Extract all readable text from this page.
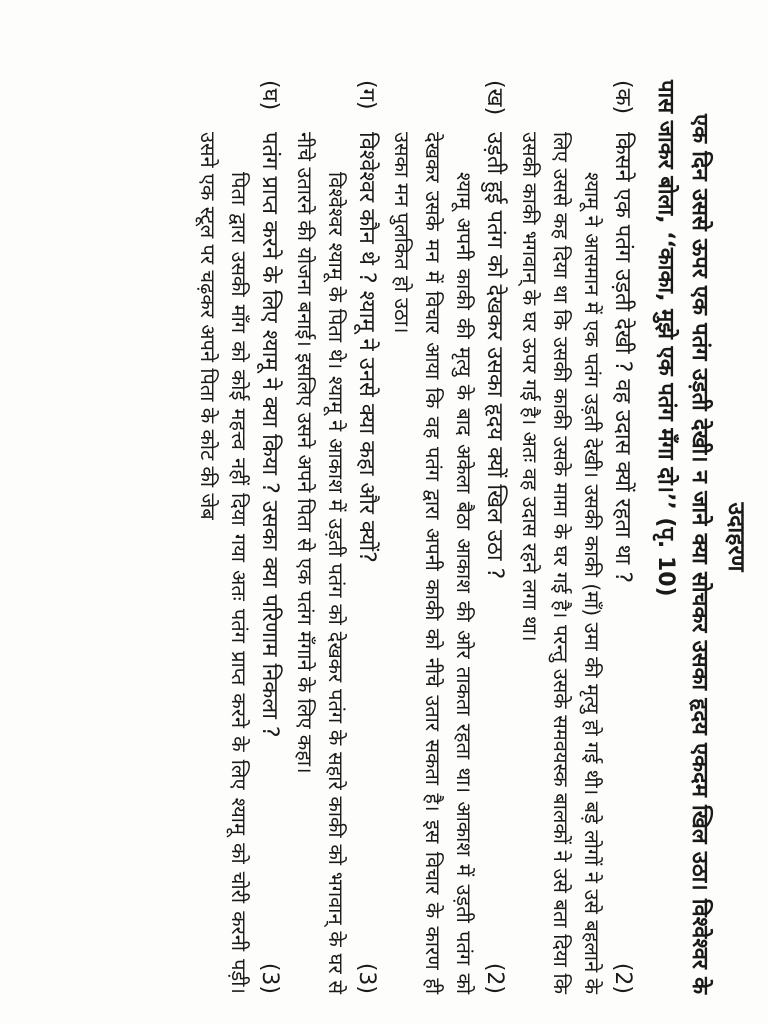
उदाहरण

एक दिन उससे ऊपर एक पतंग उड़ती देखी। न जाने क्या सोचकर उसका हृदय एकदम खिल उठा। विश्वेश्वर के पास जाकर बोला, ‘‘काका, मुझे एक पतंग मँगा दो।’’ (पृ. 10)

(क)
किसने एक पतंग उड़ती देखी ? वह उदास क्यों रहता था ?
(2)
श्यामू ने आसमान में एक पतंग उड़ती देखी। उसकी काकी (माँ) उमा की मृत्यु हो गई थी। बड़े लोगों ने उसे बहलाने के लिए उससे कह दिया था कि उसकी काकी उसके मामा के घर गई है। परन्तु उसके समवयस्क बालकों ने उसे बता दिया कि उसकी काकी भगवान् के घर ऊपर गई है। अतः वह उदास रहने लगा था।
(ख)
उड़ती हुई पतंग को देखकर उसका हृदय क्यों खिल उठा ?
(2)
श्यामू अपनी काकी की मृत्यु के बाद अकेला बैठा आकाश की ओर ताकता रहता था। आकाश में उड़ती पतंग को देखकर उसके मन में विचार आया कि वह पतंग द्वारा अपनी काकी को नीचे उतार सकता है। इस विचार के कारण ही उसका मन पुलकित हो उठा।
(ग)
विश्वेश्वर कौन थे ? श्यामू ने उनसे क्या कहा और क्यों?
(3)
विश्वेश्वर श्यामू के पिता थे। श्यामू ने आकाश में उड़ती पतंग को देखकर पतंग के सहारे काकी को भगवान् के घर से नीचे उतारने की योजना बनाई। इसलिए उसने अपने पिता से एक पतंग मँगाने के लिए कहा।
(घ)
पतंग प्राप्त करने के लिए श्यामू ने क्या किया ? उसका क्या परिणाम निकला ?
(3)
पिता द्वारा उसकी माँग को कोई महत्त्व नहीं दिया गया अतः पतंग प्राप्त करने के लिए श्यामू को चोरी करनी पड़ी। उसने एक स्टूल पर चढ़कर अपने पिता के कोट की जेब
